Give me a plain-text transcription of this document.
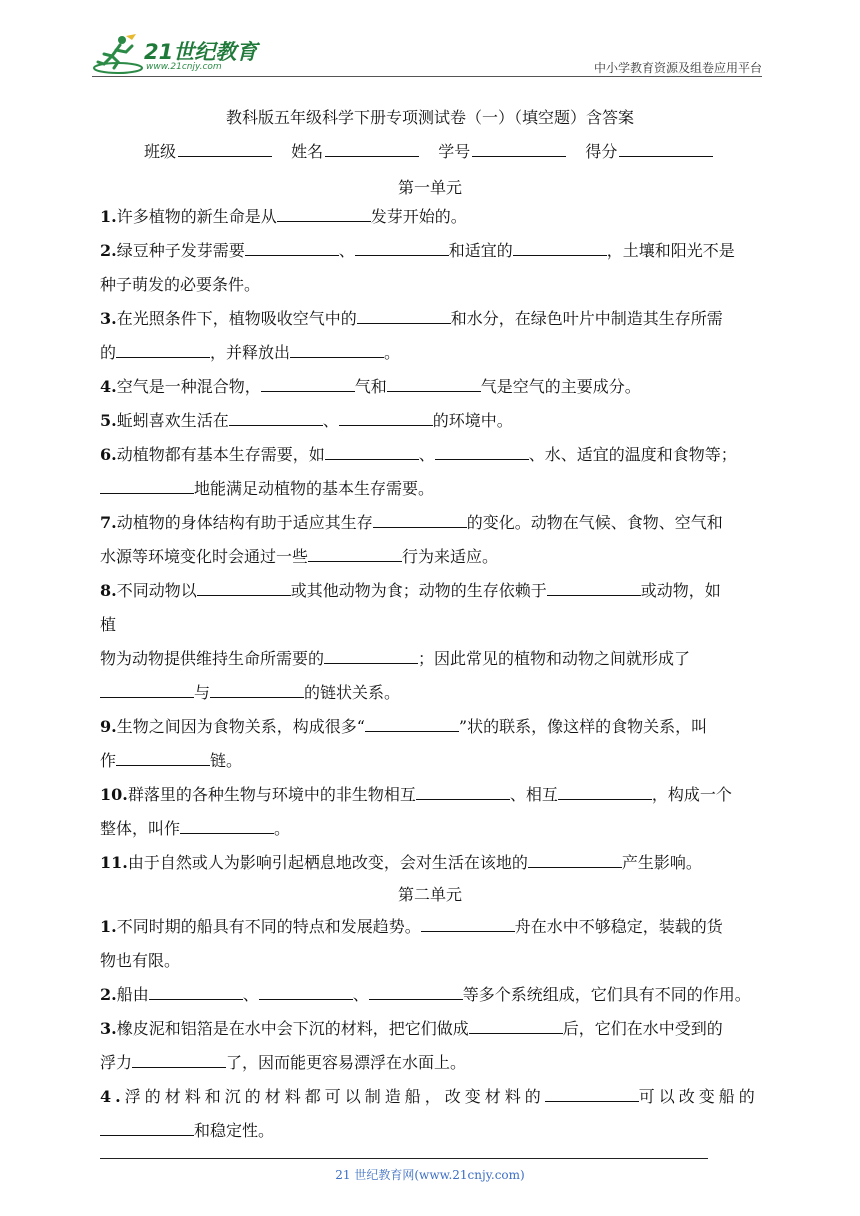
21世纪教育
www.21cnjy.com	中小学教育资源及组卷应用平台
教科版五年级科学下册专项测试卷（一）（填空题）含答案
班级	姓名	学号	得分
第一单元
1.许多植物的新生命是从	发芽开始的。
2.绿豆种子发芽需要	、	和适宜的	，土壤和阳光不是
种子萌发的必要条件。
3.在光照条件下，植物吸收空气中的	和水分，在绿色叶片中制造其生存所需
的	，并释放出	。
4.空气是一种混合物，	气和	气是空气的主要成分。
5.蚯蚓喜欢生活在	、	的环境中。
6.动植物都有基本生存需要，如	、	、水、适宜的温度和食物等；
地能满足动植物的基本生存需要。
7.动植物的身体结构有助于适应其生存	的变化。动物在气候、食物、空气和
水源等环境变化时会通过一些	行为来适应。
8.不同动物以	或其他动物为食；动物的生存依赖于	或动物，如
植
物为动物提供维持生命所需要的	；因此常见的植物和动物之间就形成了
与	的链状关系。
9.生物之间因为食物关系，构成很多“	”状的联系，像这样的食物关系，叫
作	链。
10.群落里的各种生物与环境中的非生物相互	、相互	，构成一个
整体，叫作	。
11.由于自然或人为影响引起栖息地改变，会对生活在该地的	产生影响。
第二单元
1.不同时期的船具有不同的特点和发展趋势。	舟在水中不够稳定，装载的货
物也有限。
2.船由	、	、	等多个系统组成，它们具有不同的作用。
3.橡皮泥和铝箔是在水中会下沉的材料，把它们做成	后，它们在水中受到的
浮力	了，因而能更容易漂浮在水面上。
4.浮的材料和沉的材料都可以制造船，改变材料的	可以改变船的
和稳定性。
21 世纪教育网(www.21cnjy.com)
